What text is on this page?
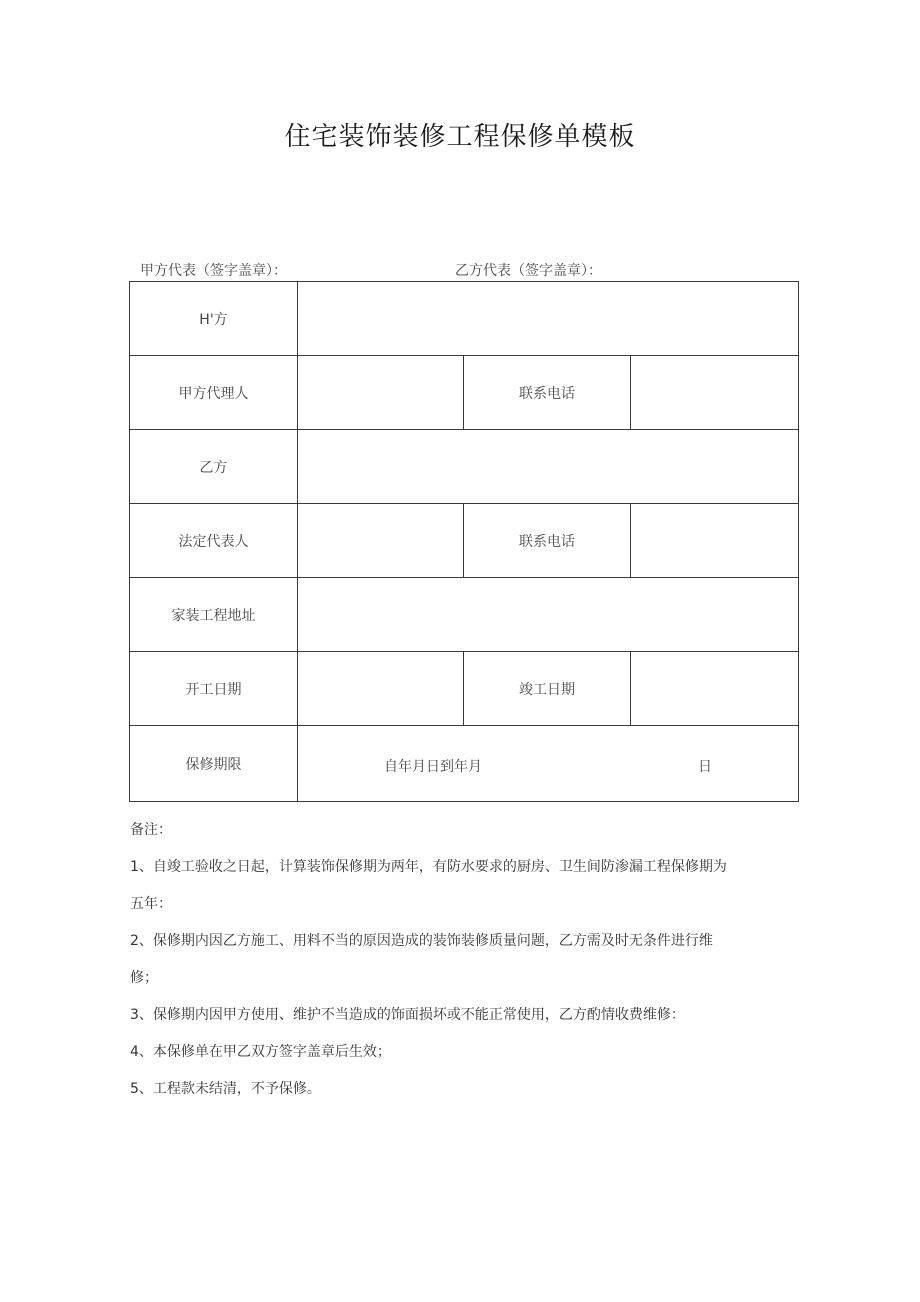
住宅装饰装修工程保修单模板
甲方代表（签字盖章）：	乙方代表（签字盖章）：
H'方			
甲方代理人		联系电话	
乙方			
法定代表人		联系电话	
家装工程地址			
开工日期		竣工日期	
保修期限	自年月日到年月 日		
备注：
1、自竣工验收之日起，计算装饰保修期为两年，有防水要求的厨房、卫生间防渗漏工程保修期为
五年：
2、保修期内因乙方施工、用料不当的原因造成的装饰装修质量问题，乙方需及时无条件进行维
修；
3、保修期内因甲方使用、维护不当造成的饰面损坏或不能正常使用，乙方酌情收费维修：
4、本保修单在甲乙双方签字盖章后生效；
5、工程款未结清，不予保修。
